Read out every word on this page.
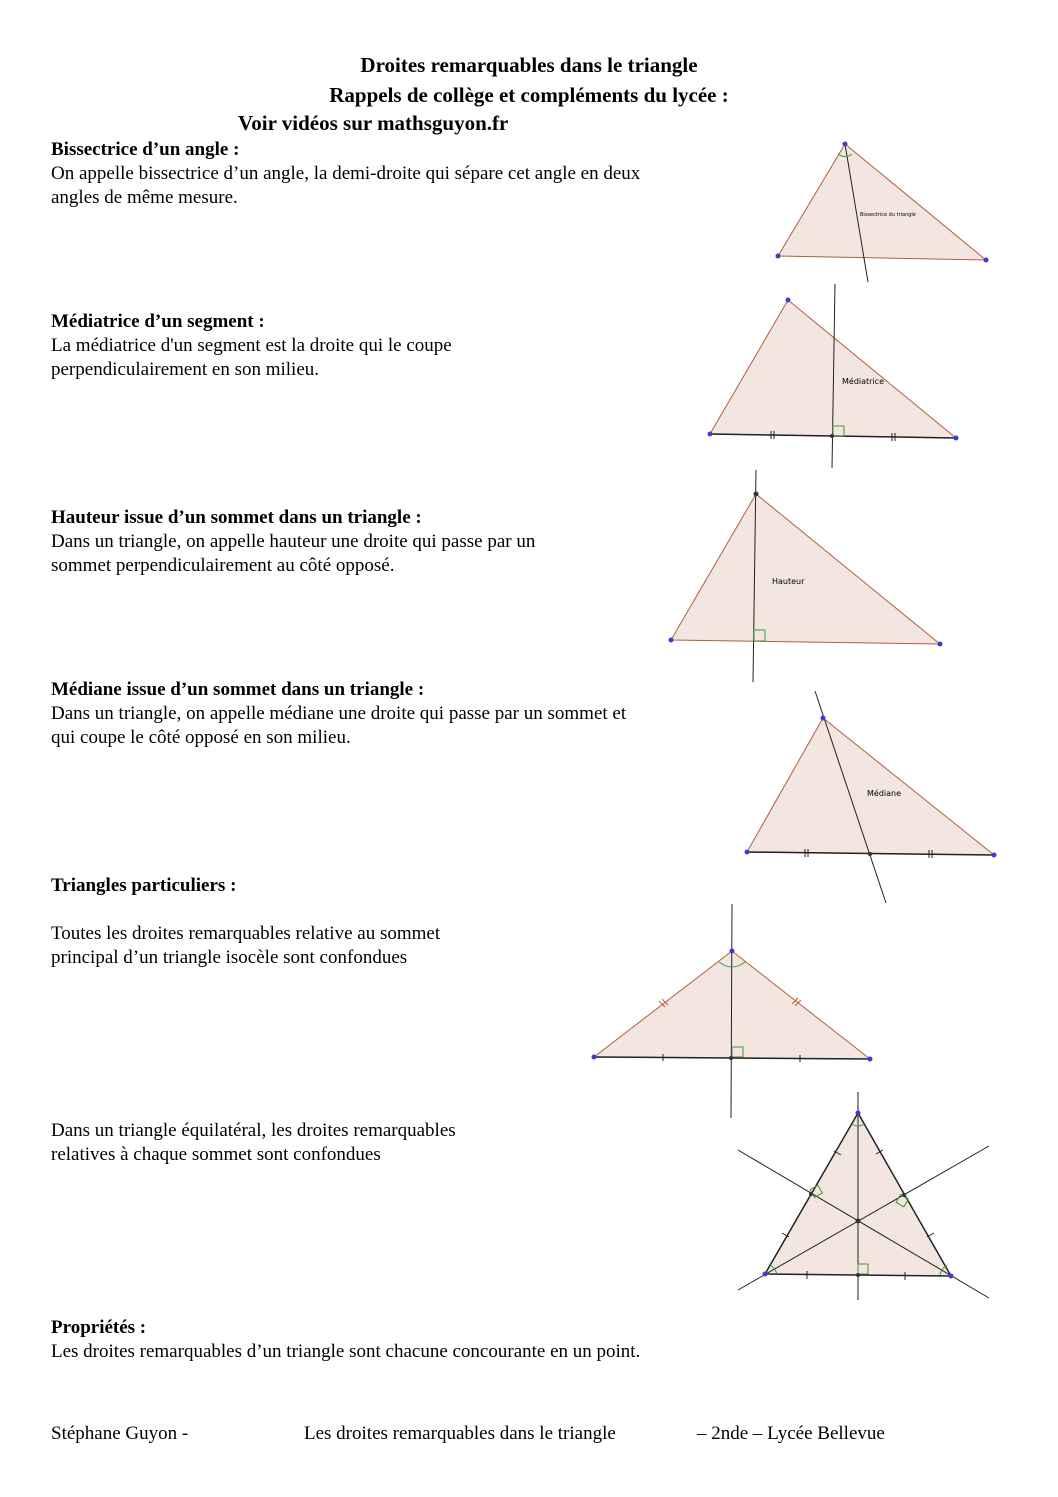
Droites remarquables dans le triangle
Rappels de collège et compléments du lycée :
Voir vidéos sur mathsguyon.fr
Bissectrice d’un angle :
On appelle bissectrice d’un angle, la demi-droite qui sépare cet angle en deux
angles de même mesure.
Bissectrice du triangle
Médiatrice d’un segment :
La médiatrice d'un segment est la droite qui le coupe
perpendiculairement en son milieu.
Médiatrice
Hauteur issue d’un sommet dans un triangle :
Dans un triangle, on appelle hauteur une droite qui passe par un
sommet perpendiculairement au côté opposé.
Hauteur
Médiane issue d’un sommet dans un triangle :
Dans un triangle, on appelle médiane une droite qui passe par un sommet et
qui coupe le côté opposé en son milieu.
Médiane
Triangles particuliers :
Toutes les droites remarquables relative au sommet
principal d’un triangle isocèle sont confondues
Dans un triangle équilatéral, les droites remarquables
relatives à chaque sommet sont confondues
Propriétés :
Les droites remarquables d’un triangle sont chacune concourante en un point.
Stéphane Guyon -	Les droites remarquables dans le triangle	– 2nde – Lycée Bellevue
